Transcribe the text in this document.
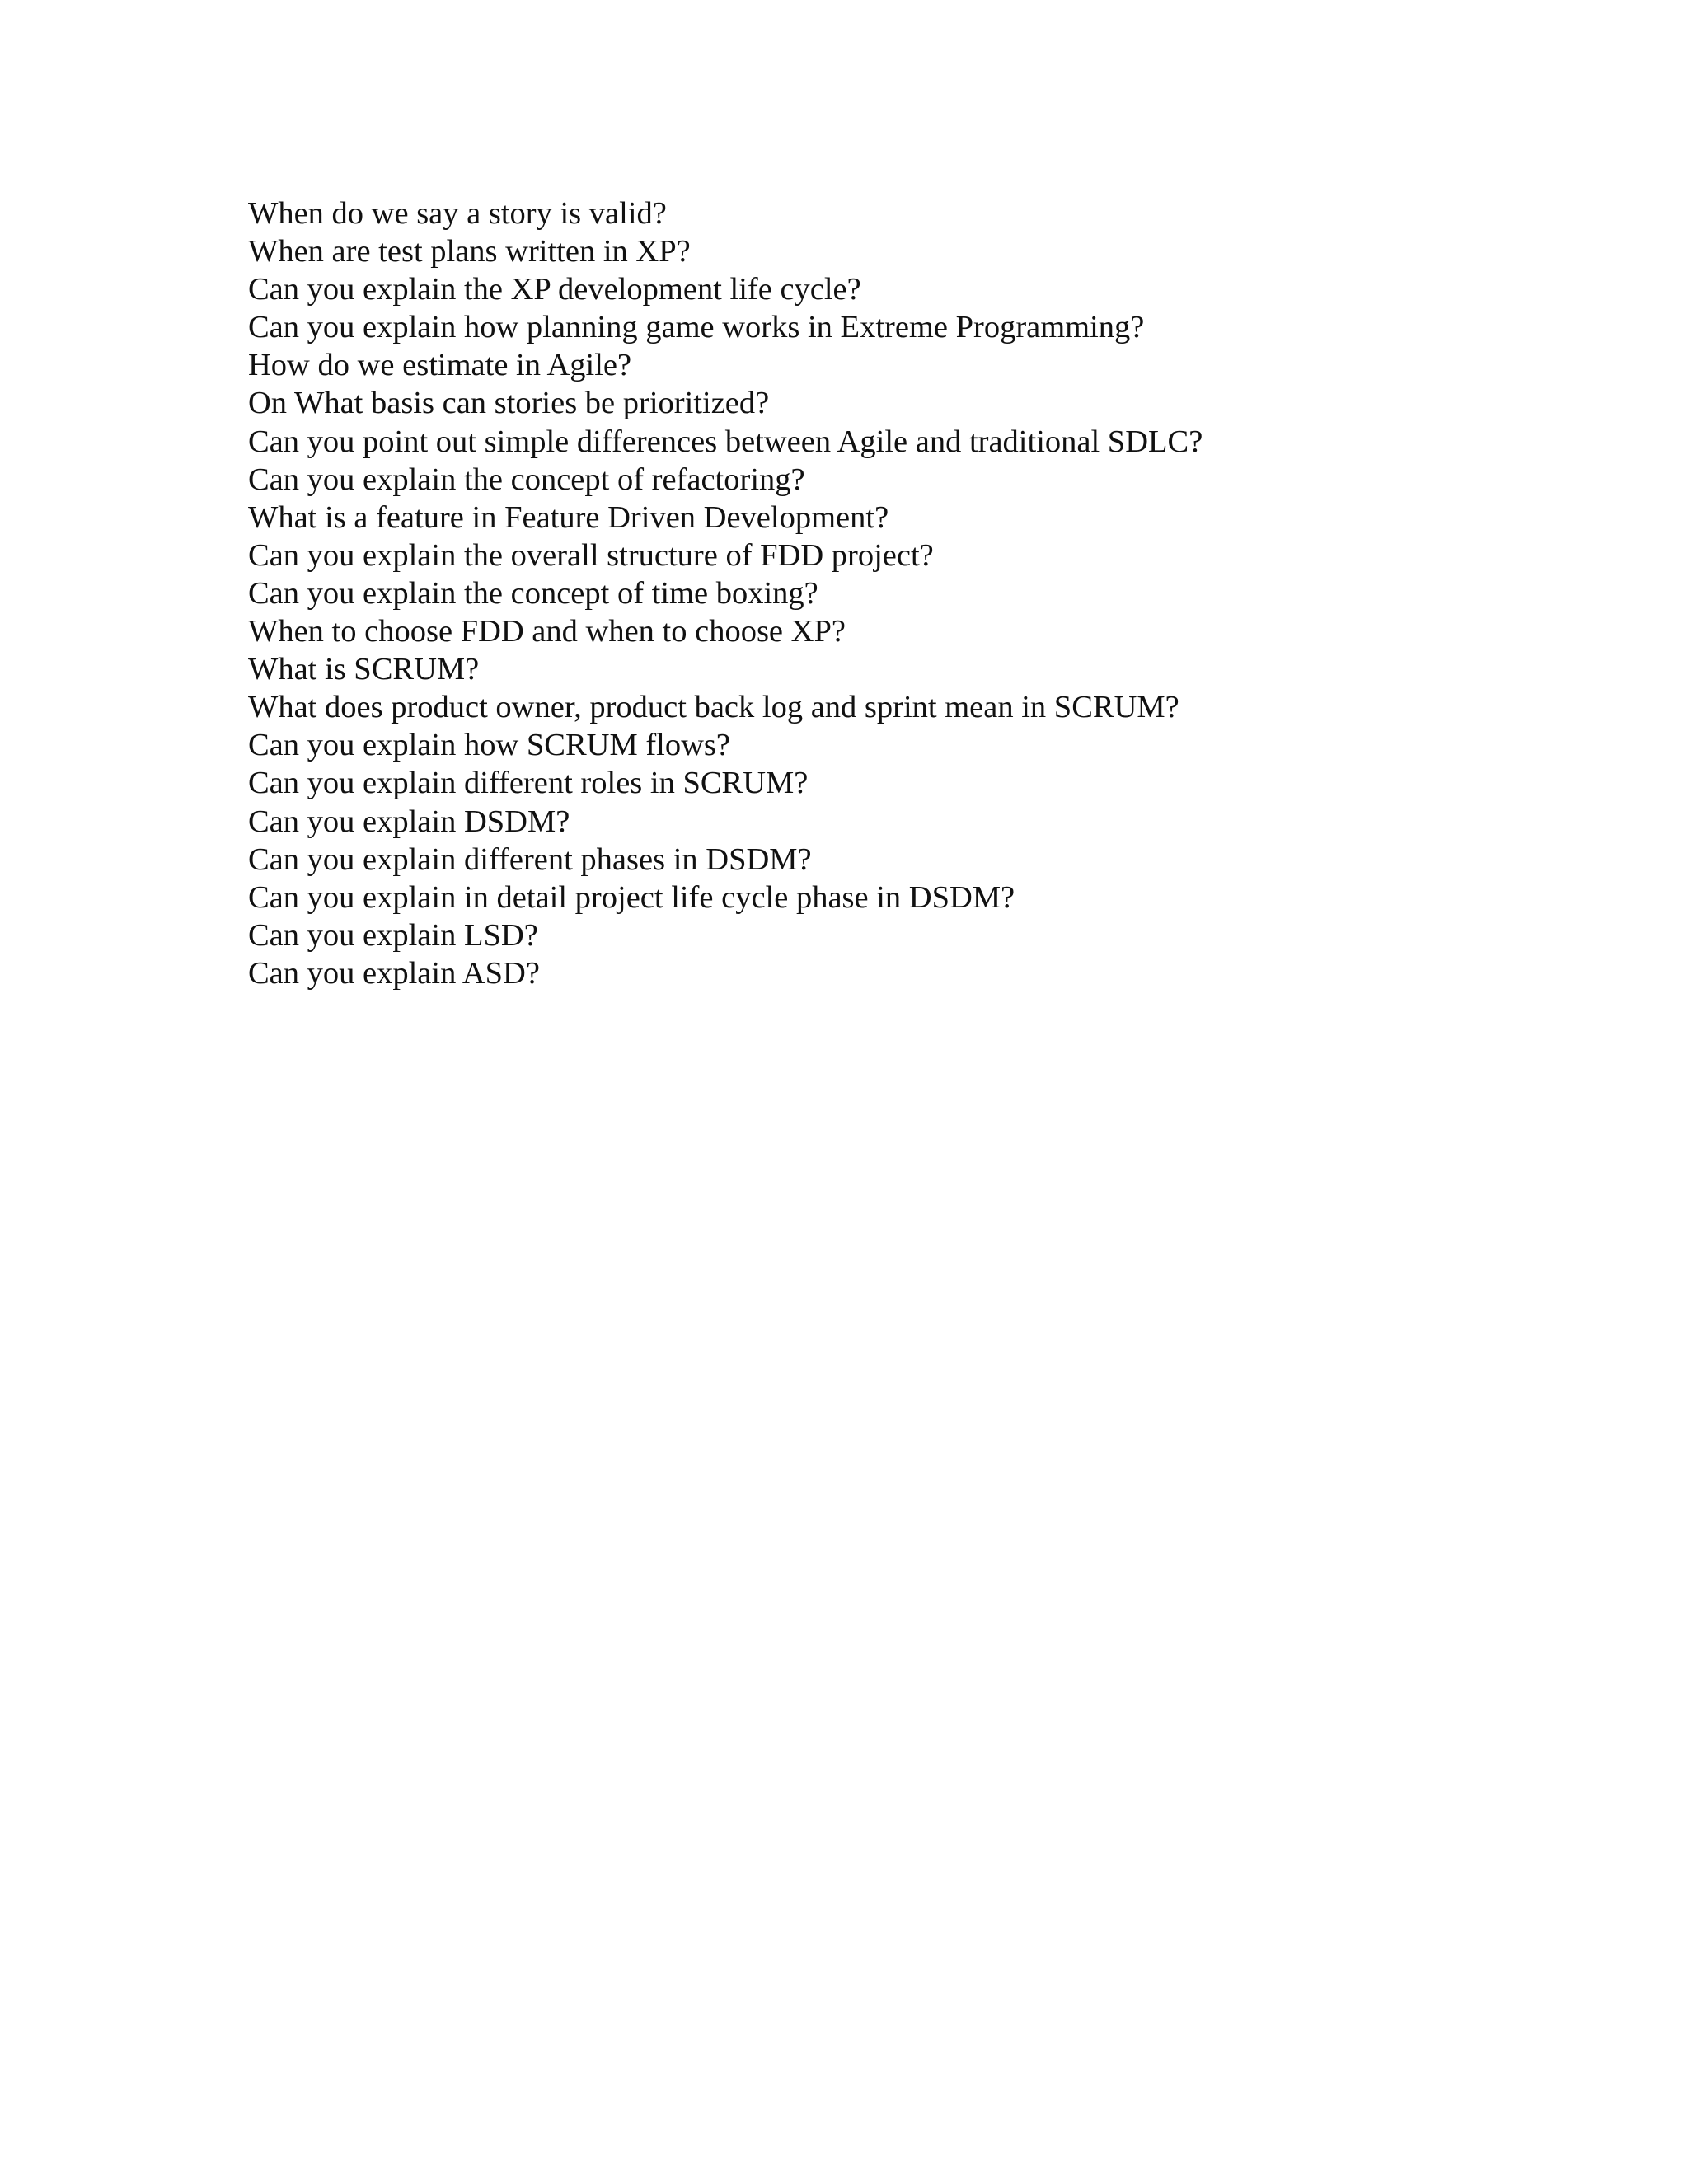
When do we say a story is valid?
When are test plans written in XP?
Can you explain the XP development life cycle?
Can you explain how planning game works in Extreme Programming?
How do we estimate in Agile?
On What basis can stories be prioritized?
Can you point out simple differences between Agile and traditional SDLC?
Can you explain the concept of refactoring?
What is a feature in Feature Driven Development?
Can you explain the overall structure of FDD project?
Can you explain the concept of time boxing?
When to choose FDD and when to choose XP?
What is SCRUM?
What does product owner, product back log and sprint mean in SCRUM?
Can you explain how SCRUM flows?
Can you explain different roles in SCRUM?
Can you explain DSDM?
Can you explain different phases in DSDM?
Can you explain in detail project life cycle phase in DSDM?
Can you explain LSD?
Can you explain ASD?
